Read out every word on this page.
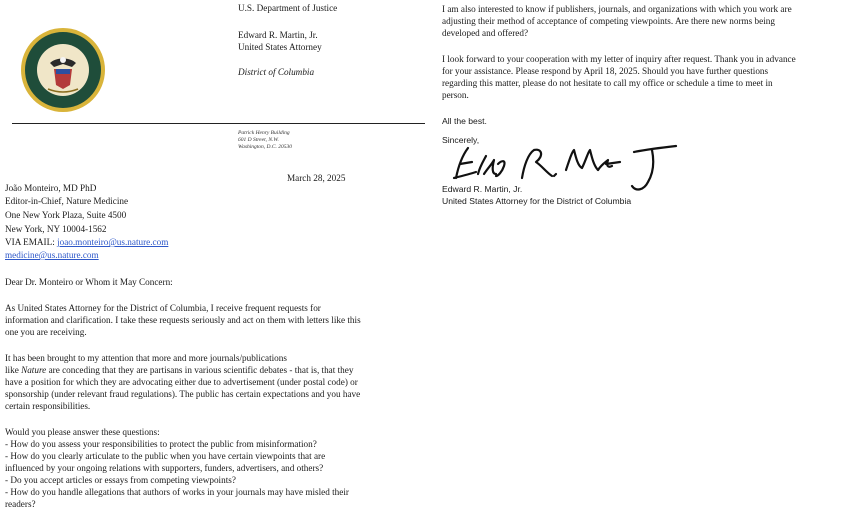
U.S. Department of Justice
Edward R. Martin, Jr.
United States Attorney
District of Columbia
Patrick Henry Building
601 D Street, N.W.
Washington, D.C. 20530
March 28, 2025
João Monteiro, MD PhD
Editor-in-Chief, Nature Medicine
One New York Plaza, Suite 4500
New York, NY 10004-1562
VIA EMAIL: joao.monteiro@us.nature.com
medicine@us.nature.com
Dear Dr. Monteiro or Whom it May Concern:
As United States Attorney for the District of Columbia, I receive frequent requests for
information and clarification. I take these requests seriously and act on them with letters like this
one you are receiving.
It has been brought to my attention that more and more journals/publications
like Nature are conceding that they are partisans in various scientific debates - that is, that they
have a position for which they are advocating either due to advertisement (under postal code) or
sponsorship (under relevant fraud regulations). The public has certain expectations and you have
certain responsibilities.
Would you please answer these questions:
- How do you assess your responsibilities to protect the public from misinformation?
- How do you clearly articulate to the public when you have certain viewpoints that are
influenced by your ongoing relations with supporters, funders, advertisers, and others?
- Do you accept articles or essays from competing viewpoints?
- How do you handle allegations that authors of works in your journals may have misled their
readers?
I am also interested to know if publishers, journals, and organizations with which you work are
adjusting their method of acceptance of competing viewpoints. Are there new norms being
developed and offered?
I look forward to your cooperation with my letter of inquiry after request. Thank you in advance
for your assistance. Please respond by April 18, 2025. Should you have further questions
regarding this matter, please do not hesitate to call my office or schedule a time to meet in
person.
All the best.
Sincerely,
Edward R. Martin, Jr.
United States Attorney for the District of Columbia
